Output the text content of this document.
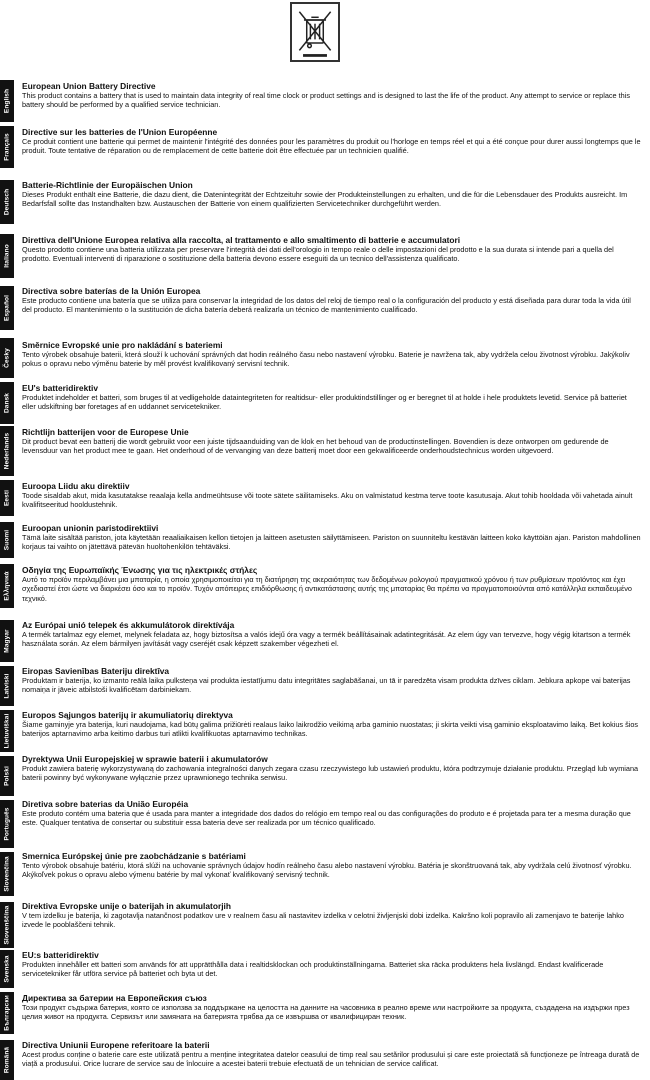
English
Français
Deutsch
Italiano
Español
Česky
Dansk
Nederlands
Eesti
Suomi
Ελληνικά
Magyar
Latviski
Lietuviškai
Polski
Português
Slovenčina
Slovenščina
Svenska
Български
Română
European Union Battery Directive

This product contains a battery that is used to maintain data integrity of real time clock or product settings and is designed to last the life of the product. Any attempt to service or replace this battery should be performed by a qualified service technician.

Directive sur les batteries de l'Union Européenne

Ce produit contient une batterie qui permet de maintenir l'intégrité des données pour les paramètres du produit ou l'horloge en temps réel et qui a été conçue pour durer aussi longtemps que le produit. Toute tentative de réparation ou de remplacement de cette batterie doit être effectuée par un technicien qualifié.

Batterie-Richtlinie der Europäischen Union

Dieses Produkt enthält eine Batterie, die dazu dient, die Datenintegrität der Echtzeituhr sowie der Produkteinstellungen zu erhalten, und die für die Lebensdauer des Produkts ausreicht. Im Bedarfsfall sollte das Instandhalten bzw. Austauschen der Batterie von einem qualifizierten Servicetechniker durchgeführt werden.

Direttiva dell'Unione Europea relativa alla raccolta, al trattamento e allo smaltimento di batterie e accumulatori

Questo prodotto contiene una batteria utilizzata per preservare l'integrità dei dati dell'orologio in tempo reale o delle impostazioni del prodotto e la sua durata si intende pari a quella del prodotto. Eventuali interventi di riparazione o sostituzione della batteria devono essere eseguiti da un tecnico dell'assistenza qualificato.

Directiva sobre baterías de la Unión Europea

Este producto contiene una batería que se utiliza para conservar la integridad de los datos del reloj de tiempo real o la configuración del producto y está diseñada para durar toda la vida útil del producto. El mantenimiento o la sustitución de dicha batería deberá realizarla un técnico de mantenimiento cualificado.

Směrnice Evropské unie pro nakládání s bateriemi

Tento výrobek obsahuje baterii, která slouží k uchování správných dat hodin reálného času nebo nastavení výrobku. Baterie je navržena tak, aby vydržela celou životnost výrobku. Jakýkoliv pokus o opravu nebo výměnu baterie by měl provést kvalifikovaný servisní technik.

EU's batteridirektiv

Produktet indeholder et batteri, som bruges til at vedligeholde dataintegriteten for realtidsur- eller produktindstillinger og er beregnet til at holde i hele produktets levetid. Service på batteriet eller udskiftning bør foretages af en uddannet servicetekniker.

Richtlijn batterijen voor de Europese Unie

Dit product bevat een batterij die wordt gebruikt voor een juiste tijdsaanduiding van de klok en het behoud van de productinstellingen. Bovendien is deze ontworpen om gedurende de levensduur van het product mee te gaan. Het onderhoud of de vervanging van deze batterij moet door een gekwalificeerde onderhoudstechnicus worden uitgevoerd.

Euroopa Liidu aku direktiiv

Toode sisaldab akut, mida kasutatakse reaalaja kella andmeühtsuse või toote sätete säilitamiseks. Aku on valmistatud kestma terve toote kasutusaja. Akut tohib hooldada või vahetada ainult kvalifitseeritud hooldustehnik.

Euroopan unionin paristodirektiivi

Tämä laite sisältää pariston, jota käytetään reaaliaikaisen kellon tietojen ja laitteen asetusten säilyttämiseen. Pariston on suunniteltu kestävän laitteen koko käyttöiän ajan. Pariston mahdollinen korjaus tai vaihto on jätettävä pätevän huoltohenkilön tehtäväksi.

Οδηγία της Ευρωπαϊκής Ένωσης για τις ηλεκτρικές στήλες

Αυτό το προϊόν περιλαμβάνει μια μπαταρία, η οποία χρησιμοποιείται για τη διατήρηση της ακεραιότητας των δεδομένων ρολογιού πραγματικού χρόνου ή των ρυθμίσεων προϊόντος και έχει σχεδιαστεί έτσι ώστε να διαρκέσει όσο και το προϊόν. Τυχόν απόπειρες επιδιόρθωσης ή αντικατάστασης αυτής της μπαταρίας θα πρέπει να πραγματοποιούνται από κατάλληλα εκπαιδευμένο τεχνικό.

Az Európai unió telepek és akkumulátorok direktívája

A termék tartalmaz egy elemet, melynek feladata az, hogy biztosítsa a valós idejű óra vagy a termék beállításainak adatintegritását. Az elem úgy van tervezve, hogy végig kitartson a termék használata során. Az elem bármilyen javítását vagy cseréjét csak képzett szakember végezheti el.

Eiropas Savienības Bateriju direktīva

Produktam ir baterija, ko izmanto reālā laika pulksteņa vai produkta iestatījumu datu integritātes saglabāšanai, un tā ir paredzēta visam produkta dzīves ciklam. Jebkura apkope vai baterijas nomaiņa ir jāveic atbilstoši kvalificētam darbiniekam.

Europos Sąjungos baterijų ir akumuliatorių direktyva

Šiame gaminyje yra baterija, kuri naudojama, kad būtų galima prižiūrėti realaus laiko laikrodžio veikimą arba gaminio nuostatas; ji skirta veikti visą gaminio eksploatavimo laiką. Bet kokius šios baterijos aptarnavimo arba keitimo darbus turi atlikti kvalifikuotas aptarnavimo technikas.

Dyrektywa Unii Europejskiej w sprawie baterii i akumulatorów

Produkt zawiera baterię wykorzystywaną do zachowania integralności danych zegara czasu rzeczywistego lub ustawień produktu, która podtrzymuje działanie produktu. Przegląd lub wymiana baterii powinny być wykonywane wyłącznie przez uprawnionego technika serwisu.

Diretiva sobre baterias da União Européia

Este produto contém uma bateria que é usada para manter a integridade dos dados do relógio em tempo real ou das configurações do produto e é projetada para ter a mesma duração que este. Qualquer tentativa de consertar ou substituir essa bateria deve ser realizada por um técnico qualificado.

Smernica Európskej únie pre zaobchádzanie s batériami

Tento výrobok obsahuje batériu, ktorá slúži na uchovanie správnych údajov hodín reálneho času alebo nastavení výrobku. Batéria je skonštruovaná tak, aby vydržala celú životnosť výrobku. Akýkoľvek pokus o opravu alebo výmenu batérie by mal vykonať kvalifikovaný servisný technik.

Direktiva Evropske unije o baterijah in akumulatorjih

V tem izdelku je baterija, ki zagotavlja natančnost podatkov ure v realnem času ali nastavitev izdelka v celotni življenjski dobi izdelka. Kakršno koli popravilo ali zamenjavo te baterije lahko izvede le pooblaščeni tehnik.

EU:s batteridirektiv

Produkten innehåller ett batteri som används för att upprätthålla data i realtidsklockan och produktinställningarna. Batteriet ska räcka produktens hela livslängd. Endast kvalificerade servicetekniker får utföra service på batteriet och byta ut det.

Директива за батерии на Европейския съюз

Този продукт съдържа батерия, която се използва за поддържане на целостта на данните на часовника в реално време или настройките за продукта, създадена на издържи през целия живот на продукта. Сервизът или замяната на батерията трябва да се извършва от квалифициран техник.

Directiva Uniunii Europene referitoare la baterii

Acest produs conține o baterie care este utilizată pentru a menține integritatea datelor ceasului de timp real sau setărilor produsului și care este proiectată să funcționeze pe întreaga durată de viață a produsului. Orice lucrare de service sau de înlocuire a acestei baterii trebuie efectuată de un tehnician de service calificat.
